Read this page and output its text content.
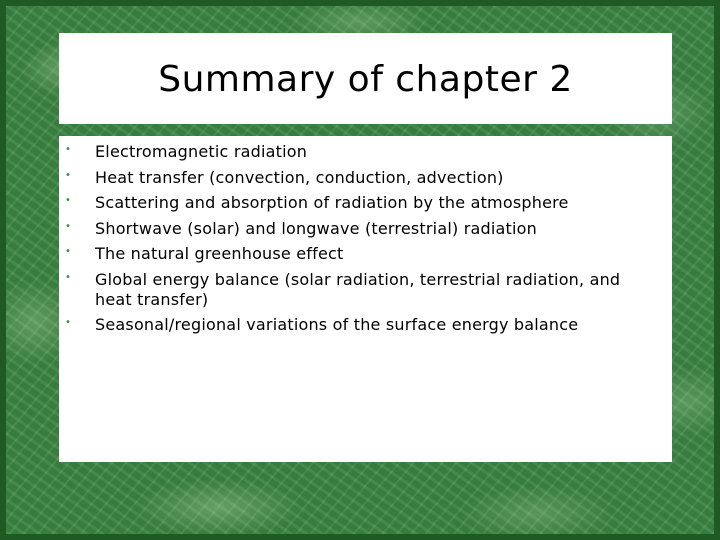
Summary of chapter 2
• Electromagnetic radiation
• Heat transfer (convection, conduction, advection)
• Scattering and absorption of radiation by the atmosphere
• Shortwave (solar) and longwave (terrestrial) radiation
• The natural greenhouse effect
• Global energy balance (solar radiation, terrestrial radiation, and heat transfer)
• Seasonal/regional variations of the surface energy balance
